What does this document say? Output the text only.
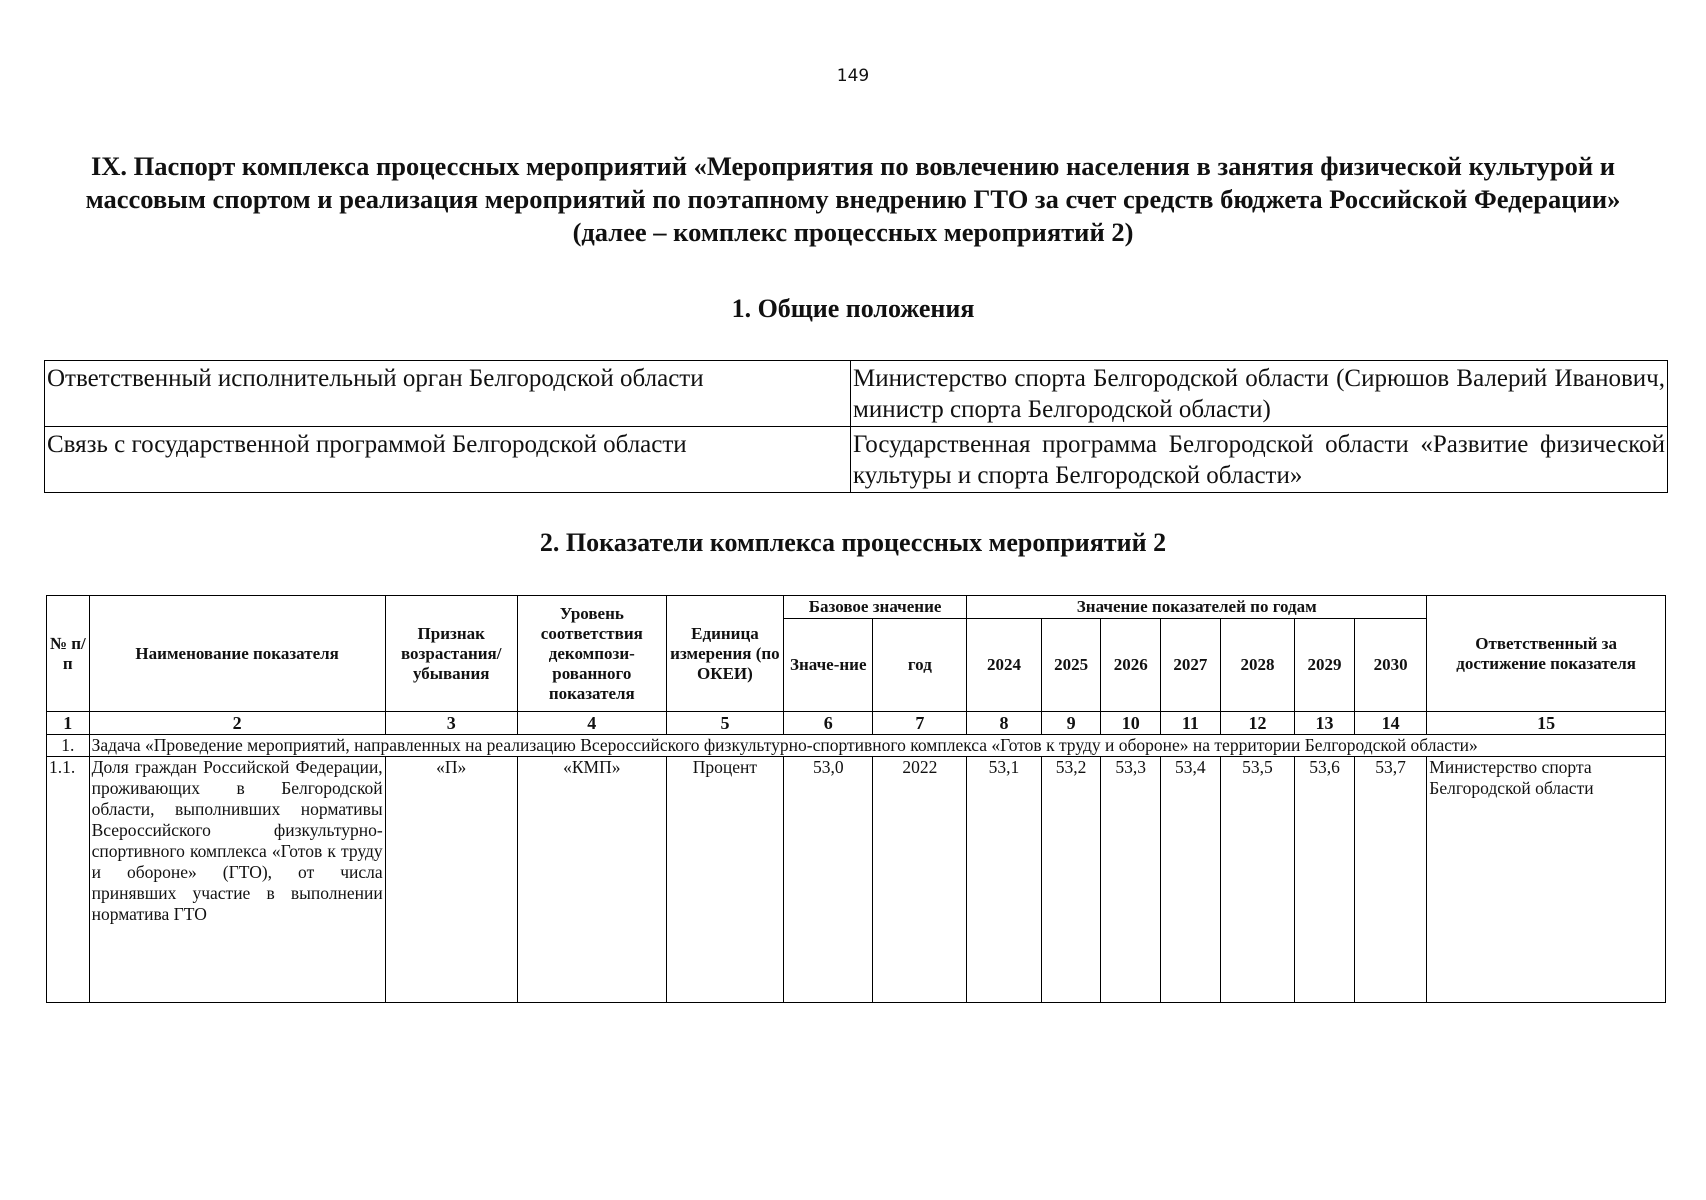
149
IX. Паспорт комплекса процессных мероприятий «Мероприятия по вовлечению населения в занятия физической культурой и массовым спортом и реализация мероприятий по поэтапному внедрению ГТО за счет средств бюджета Российской Федерации» (далее – комплекс процессных мероприятий 2)
1. Общие положения
Ответственный исполнительный орган Белгородской области	Министерство спорта Белгородской области (Сирюшов Валерий Иванович, министр спорта Белгородской области)
Связь с государственной программой Белгородской области	Государственная программа Белгородской области «Развитие физической культуры и спорта Белгородской области»
2. Показатели комплекса процессных мероприятий 2
№ п/п	Наименование показателя	Признак возрастания/ убывания	Уровень соответствия декомпози-рованного показателя	Единица измерения (по ОКЕИ)	Базовое значение		Значение показателей по годам							Ответственный за достижение показателя
					Значе-ние	год	2024	2025	2026	2027	2028	2029	2030	
1	2	3	4	5	6	7	8	9	10	11	12	13	14	15
1.	Задача «Проведение мероприятий, направленных на реализацию Всероссийского физкультурно-спортивного комплекса «Готов к труду и обороне» на территории Белгородской области»													
1.1.	Доля граждан Российской Федерации, проживающих в Белгородской области, выполнивших нормативы Всероссийского физкультурно-спортивного комплекса «Готов к труду и обороне» (ГТО), от числа принявших участие в выполнении норматива ГТО	«П»	«КМП»	Процент	53,0	2022	53,1	53,2	53,3	53,4	53,5	53,6	53,7	Министерство спорта Белгородской области
